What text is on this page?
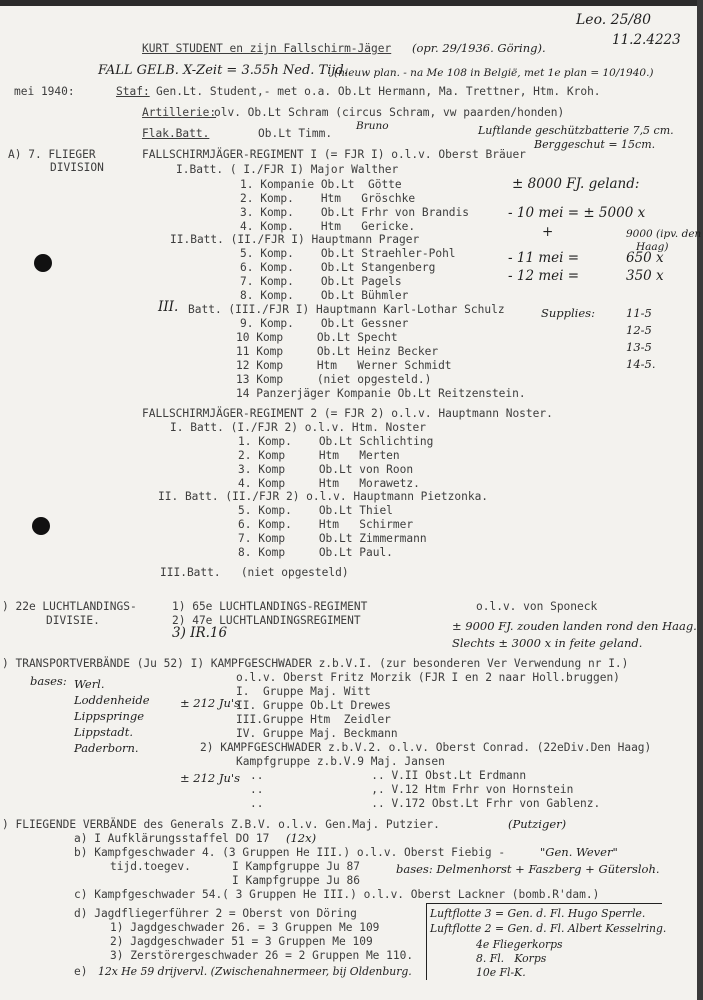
Leo. 25/80
11.2.4223
KURT STUDENT en zijn Fallschirm-Jäger (opr. 29/1936. Göring).
FALL GELB. X-Zeit = 3.55h Ned. Tijd.
(nieuw plan. - na Me 108 in België, met 1e plan = 10/1940.)
mei 1940:	Staf: Gen.Lt. Student,- met o.a. Ob.Lt Hermann, Ma. Trettner, Htm. Kroh.
Artillerie:
olv. Ob.Lt Schram (circus Schram, vw paarden/honden)
Bruno	Luftlande geschützbatterie 7,5 cm.
Berggeschut = 15cm.
Flak.Batt.	Ob.Lt Timm.
A) 7. FLIEGER
DIVISION
FALLSCHIRMJÄGER-REGIMENT I (= FJR I) o.l.v. Oberst Bräuer
I.Batt. ( I./FJR I) Major Walther
1. Kompanie Ob.Lt  Götte
2. Komp.    Htm   Gröschke
3. Komp.    Ob.Lt Frhr von Brandis
4. Komp.    Htm   Gericke.
II.Batt. (II./FJR I) Hauptmann Prager
5. Komp.    Ob.Lt Straehler-Pohl
6. Komp.    Ob.Lt Stangenberg
7. Komp.    Ob.Lt Pagels
8. Komp.    Ob.Lt Bühmler
III. Batt. (III./FJR I) Hauptmann Karl-Lothar Schulz
9. Komp.    Ob.Lt Gessner
10 Komp     Ob.Lt Specht
11 Komp     Ob.Lt Heinz Becker
12 Komp     Htm   Werner Schmidt
13 Komp     (niet opgesteld.)
14 Panzerjäger Kompanie Ob.Lt Reitzenstein.
± 8000 FJ. geland:
- 10 mei = ± 5000 x
+	9000 (ipv. den
Haag)
- 11 mei =	650 x
- 12 mei =	350 x
Supplies:	11-5
12-5
13-5
14-5.
FALLSCHIRMJÄGER-REGIMENT 2 (= FJR 2) o.l.v. Hauptmann Noster.
I. Batt. (I./FJR 2) o.l.v. Htm. Noster
1. Komp.    Ob.Lt Schlichting
2. Komp     Htm   Merten
3. Komp     Ob.Lt von Roon
4. Komp     Htm   Morawetz.
II. Batt. (II./FJR 2) o.l.v. Hauptmann Pietzonka.
5. Komp.    Ob.Lt Thiel
6. Komp.    Htm   Schirmer
7. Komp     Ob.Lt Zimmermann
8. Komp     Ob.Lt Paul.
III.Batt.   (niet opgesteld)
) 22e LUCHTLANDINGS-
DIVISIE.
1) 65e LUCHTLANDINGS-REGIMENT
2) 47e LUCHTLANDINGSREGIMENT
3) IR.16
o.l.v. von Sponeck
± 9000 FJ. zouden landen rond den Haag.
Slechts ± 3000 x in feite geland.
) TRANSPORTVERBÄNDE (Ju 52) I) KAMPFGESCHWADER z.b.V.I. (zur besonderen Ver Verwendung nr I.)
o.l.v. Oberst Fritz Morzik (FJR I en 2 naar Holl.bruggen)
bases: Werl.
Loddenheide
Lippspringe
Lippstadt.
Paderborn.
± 212 Ju's
I.  Gruppe Maj. Witt
II. Gruppe Ob.Lt Drewes
III.Gruppe Htm  Zeidler
IV. Gruppe Maj. Beckmann
2) KAMPFGESCHWADER z.b.V.2. o.l.v. Oberst Conrad. (22eDiv.Den Haag)
Kampfgruppe z.b.V.9 Maj. Jansen
± 212 Ju's ..                .. V.II Obst.Lt Erdmann
..                ,. V.12 Htm Frhr von Hornstein
..                .. V.172 Obst.Lt Frhr von Gablenz.
) FLIEGENDE VERBÄNDE des Generals Z.B.V. o.l.v. Gen.Maj. Putzier.	(Putziger)
a) I Aufklärungsstaffel DO 17 (12x)
b) Kampfgeschwader 4. (3 Gruppen He III.) o.l.v. Oberst Fiebig -	"Gen. Wever"
tijd.toegev.	I Kampfgruppe Ju 87
I Kampfgruppe Ju 86
bases: Delmenhorst + Faszberg + Gütersloh.
c) Kampfgeschwader 54.( 3 Gruppen He III.) o.l.v. Oberst Lackner (bomb.R'dam.)
d) Jagdfliegerführer 2 = Oberst von Döring
1) Jagdgeschwader 26. = 3 Gruppen Me 109
2) Jagdgeschwader 51 = 3 Gruppen Me 109
3) Zerstörergeschwader 26 = 2 Gruppen Me 110.
e) 12x He 59 drijvervl. (Zwischenahnermeer, bij Oldenburg.
Luftflotte 3 = Gen. d. Fl. Hugo Sperrle.
Luftflotte 2 = Gen. d. Fl. Albert Kesselring.
4e Fliegerkorps
8. Fl.   Korps
10e Fl-K.
